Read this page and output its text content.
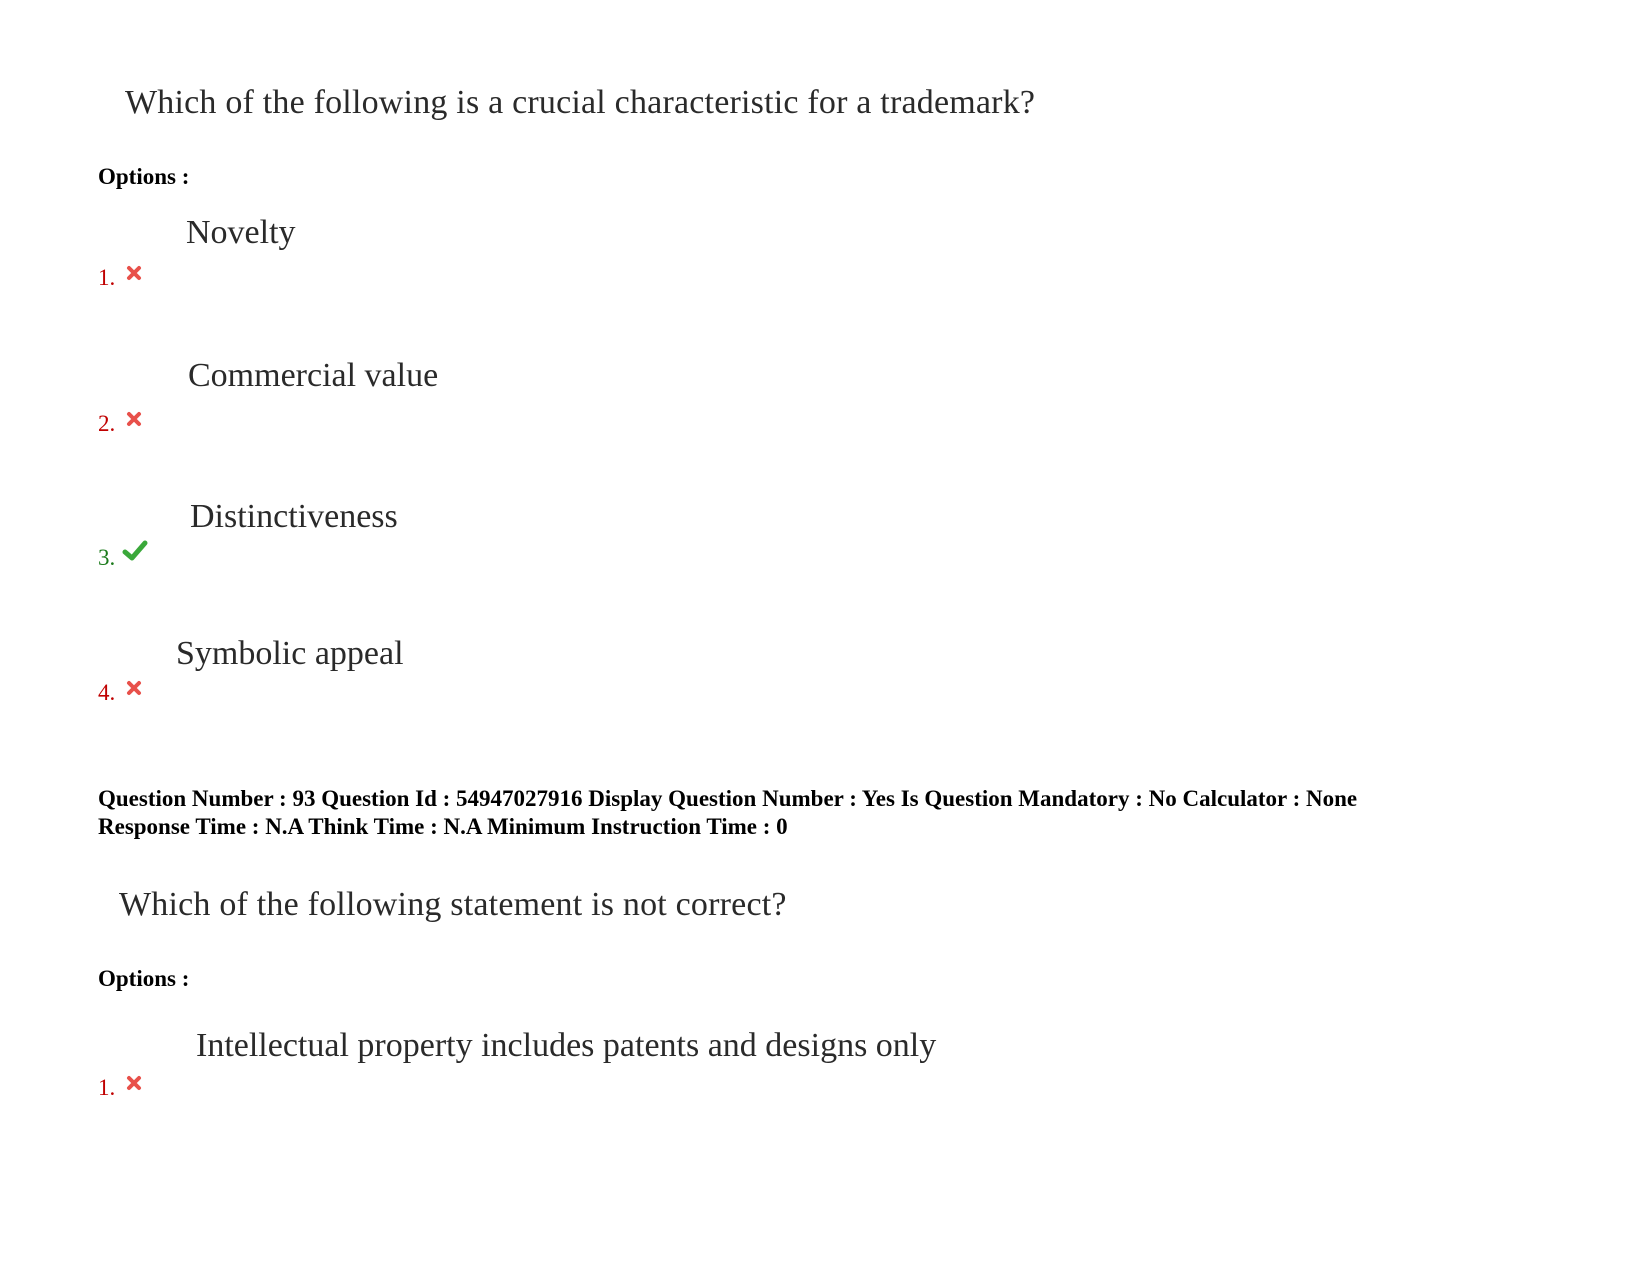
Which of the following is a crucial characteristic for a trademark?
Options :
Novelty
1.
Commercial value
2.
Distinctiveness
3.
Symbolic appeal
4.
Question Number : 93 Question Id : 54947027916 Display Question Number : Yes Is Question Mandatory : No Calculator : None
Response Time : N.A Think Time : N.A Minimum Instruction Time : 0
Which of the following statement is not correct?
Options :
Intellectual property includes patents and designs only
1.
